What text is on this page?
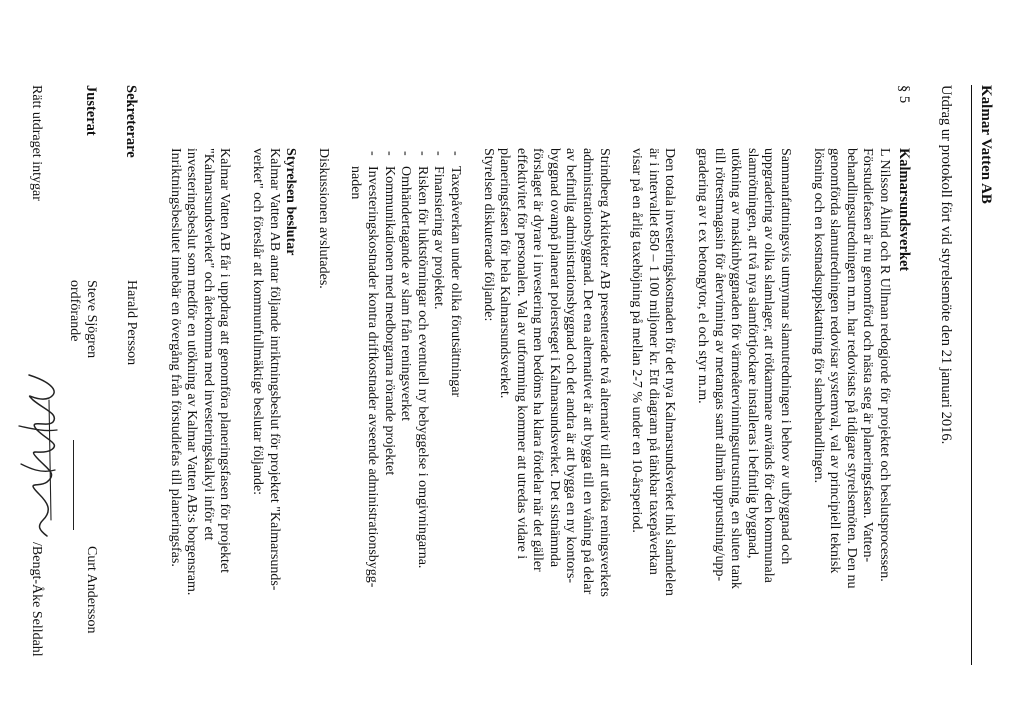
Kalmar Vatten AB
Utdrag ur protokoll fört vid styrelsemöte den 21 januari 2016.
§ 5
Kalmarsundsverket

L Nilsson Ålind och R Ullman redogjorde för projektet och beslutsprocessen.
Förstudiefasen är nu genomförd och nästa steg är planeringsfasen. Vatten-
behandlingsutredningen m.m. har redovisats på tidigare styrelsemöten. Den nu
genomförda slamutredningen redovisar systemval, val av principiell teknisk
lösning och en kostnadsuppskattning för slambehandlingen.

Sammanfattningsvis utmynnar slamutredningen i behov av utbyggnad och
uppgradering av olika slamlager, att rötkammare används för den kommunala
slamrötningen, att två nya slamförtjockare installeras i befintlig byggnad,
utökning av maskinbyggnaden för värmeåtervinningsutrustning, en sluten tank
till rötrestmagasin för återvinning av metangas samt allmän upprustning/upp-
gradering av t ex betongytor, el och styr m.m.

Den totala investeringskostnaden för det nya Kalmarsundsverket inkl slamdelen
är i intervallet 850 – 1 100 miljoner kr. Ett diagram på tänkbar taxepåverkan
visar på en årlig taxehöjning på mellan 2-7 % under en 10-årsperiod.

Strindberg Arkitekter AB presenterade två alternativ till att utöka reningsverkets
administrationsbyggnad. Det ena alternativet är att bygga till en våning på delar
av befintlig administrationsbyggnad och det andra är att bygga en ny kontors-
byggnad ovanpå planerat polersteget i Kalmarsundsverket. Det sistnämnda
förslaget är dyrare i investering men bedöms ha klara fördelar när det gäller
effektivitet för personalen. Val av utformning kommer att utredas vidare i
planeringsfasen för hela Kalmarsundsverket.
Styrelsen diskuterade följande:

- Taxepåverkan under olika förutsättningar
- Finansiering av projektet.
- Risken för luktstörningar och eventuell ny bebyggelse i omgivningarna.
- Omhändertagande av slam från reningsverket
- Kommunikationen med medborgarna rörande projektet
- Investeringskostnader kontra driftkostnader avseende administrationsbygg-
naden

Diskussionen avslutades.

Styrelsen beslutar
Kalmar Vatten AB antar följande inriktningsbeslut för projektet "Kalmarsunds-
verket" och föreslår att kommunfullmäktige beslutar följande:

Kalmar Vatten AB får i uppdrag att genomföra planeringsfasen för projektet
"Kalmarsundsverket" och återkomma med investeringskalkyl inför ett
investeringsbeslut som medför en utökning av Kalmar Vatten AB:s borgensram.
Inriktningsbeslutet innebär en övergång från förstudiefas till planeringsfas.

Sekreterare
Harald Persson
Justerat
Steve Sjögren
ordförande
Curt Andersson
Rätt utdraget intygar
/Bengt-Åke Selldahl
